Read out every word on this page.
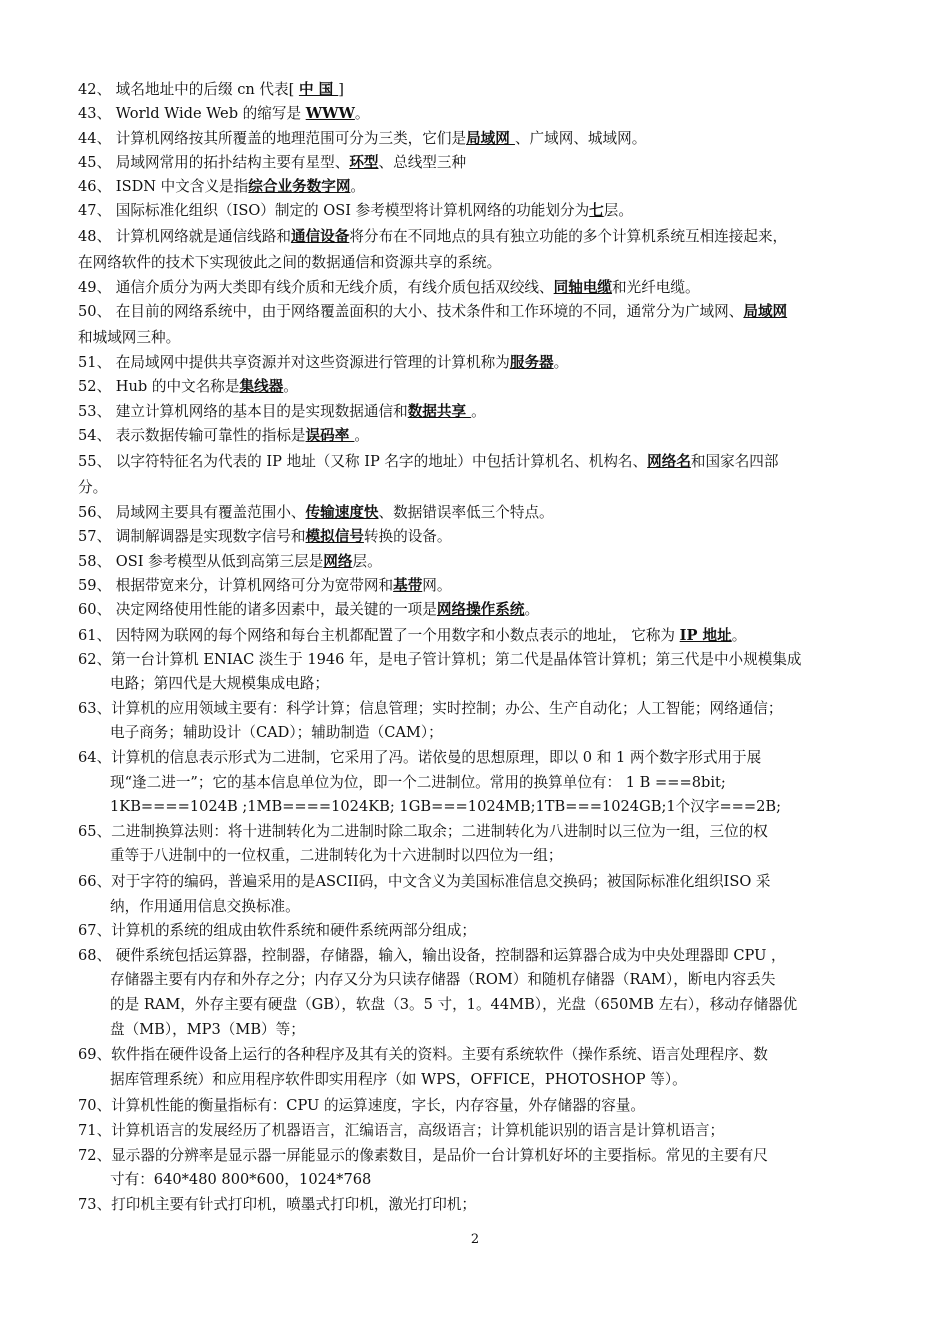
42、 域名地址中的后缀 cn 代表[ 中 国 ]
43、 World Wide Web 的缩写是 WWW。
44、 计算机网络按其所覆盖的地理范围可分为三类，它们是局域网 、广域网、城域网。
45、 局域网常用的拓扑结构主要有星型、环型、总线型三种
46、 ISDN 中文含义是指综合业务数字网。
47、 国际标准化组织（ISO）制定的 OSI 参考模型将计算机网络的功能划分为七层。
48、 计算机网络就是通信线路和通信设备将分布在不同地点的具有独立功能的多个计算机系统互相连接起来，
在网络软件的技术下实现彼此之间的数据通信和资源共享的系统。
49、 通信介质分为两大类即有线介质和无线介质，有线介质包括双绞线、同轴电缆和光纤电缆。
50、 在目前的网络系统中，由于网络覆盖面积的大小、技术条件和工作环境的不同，通常分为广域网、局域网
和城域网三种。
51、 在局域网中提供共享资源并对这些资源进行管理的计算机称为服务器。
52、 Hub 的中文名称是集线器。
53、 建立计算机网络的基本目的是实现数据通信和数据共享 。
54、 表示数据传输可靠性的指标是误码率 。
55、 以字符特征名为代表的 IP 地址（又称 IP 名字的地址）中包括计算机名、机构名、网络名和国家名四部
分。
56、 局域网主要具有覆盖范围小、传输速度快、数据错误率低三个特点。
57、 调制解调器是实现数字信号和模拟信号转换的设备。
58、 OSI 参考模型从低到高第三层是网络层。
59、 根据带宽来分，计算机网络可分为宽带网和基带网。
60、 决定网络使用性能的诸多因素中，最关键的一项是网络操作系统。
61、 因特网为联网的每个网络和每台主机都配置了一个用数字和小数点表示的地址， 它称为 IP 地址。
62、第一台计算机 ENIAC 淡生于 1946 年，是电子管计算机；第二代是晶体管计算机；第三代是中小规模集成
电路；第四代是大规模集成电路；
63、计算机的应用领域主要有：科学计算；信息管理；实时控制；办公、生产自动化；人工智能；网络通信；
电子商务；辅助设计（CAD）；辅助制造（CAM）；
64、计算机的信息表示形式为二进制，它采用了冯。诺依曼的思想原理，即以 0 和 1 两个数字形式用于展
现“逢二进一”；它的基本信息单位为位，即一个二进制位。常用的换算单位有： 1 B ===8bit;
1KB====1024B ;1MB====1024KB; 1GB===1024MB;1TB===1024GB;1个汉字===2B;
65、二进制换算法则：将十进制转化为二进制时除二取余；二进制转化为八进制时以三位为一组，三位的权
重等于八进制中的一位权重，二进制转化为十六进制时以四位为一组；
66、对于字符的编码，普遍采用的是ASCII码，中文含义为美国标准信息交换码；被国际标准化组织ISO 采
纳，作用通用信息交换标准。
67、计算机的系统的组成由软件系统和硬件系统两部分组成；
68、 硬件系统包括运算器，控制器，存储器，输入，输出设备，控制器和运算器合成为中央处理器即 CPU ，
存储器主要有内存和外存之分；内存又分为只读存储器（ROM）和随机存储器（RAM），断电内容丢失
的是 RAM，外存主要有硬盘（GB），软盘（3。5 寸，1。44MB），光盘（650MB 左右），移动存储器优
盘（MB），MP3（MB）等；
69、软件指在硬件设备上运行的各种程序及其有关的资料。主要有系统软件（操作系统、语言处理程序、数
据库管理系统）和应用程序软件即实用程序（如 WPS，OFFICE，PHOTOSHOP 等）。
70、计算机性能的衡量指标有：CPU 的运算速度，字长，内存容量，外存储器的容量。
71、计算机语言的发展经历了机器语言，汇编语言，高级语言；计算机能识别的语言是计算机语言；
72、显示器的分辨率是显示器一屏能显示的像素数目，是品价一台计算机好坏的主要指标。常见的主要有尺
寸有：640*480 800*600，1024*768
73、打印机主要有针式打印机，喷墨式打印机，激光打印机；
2
